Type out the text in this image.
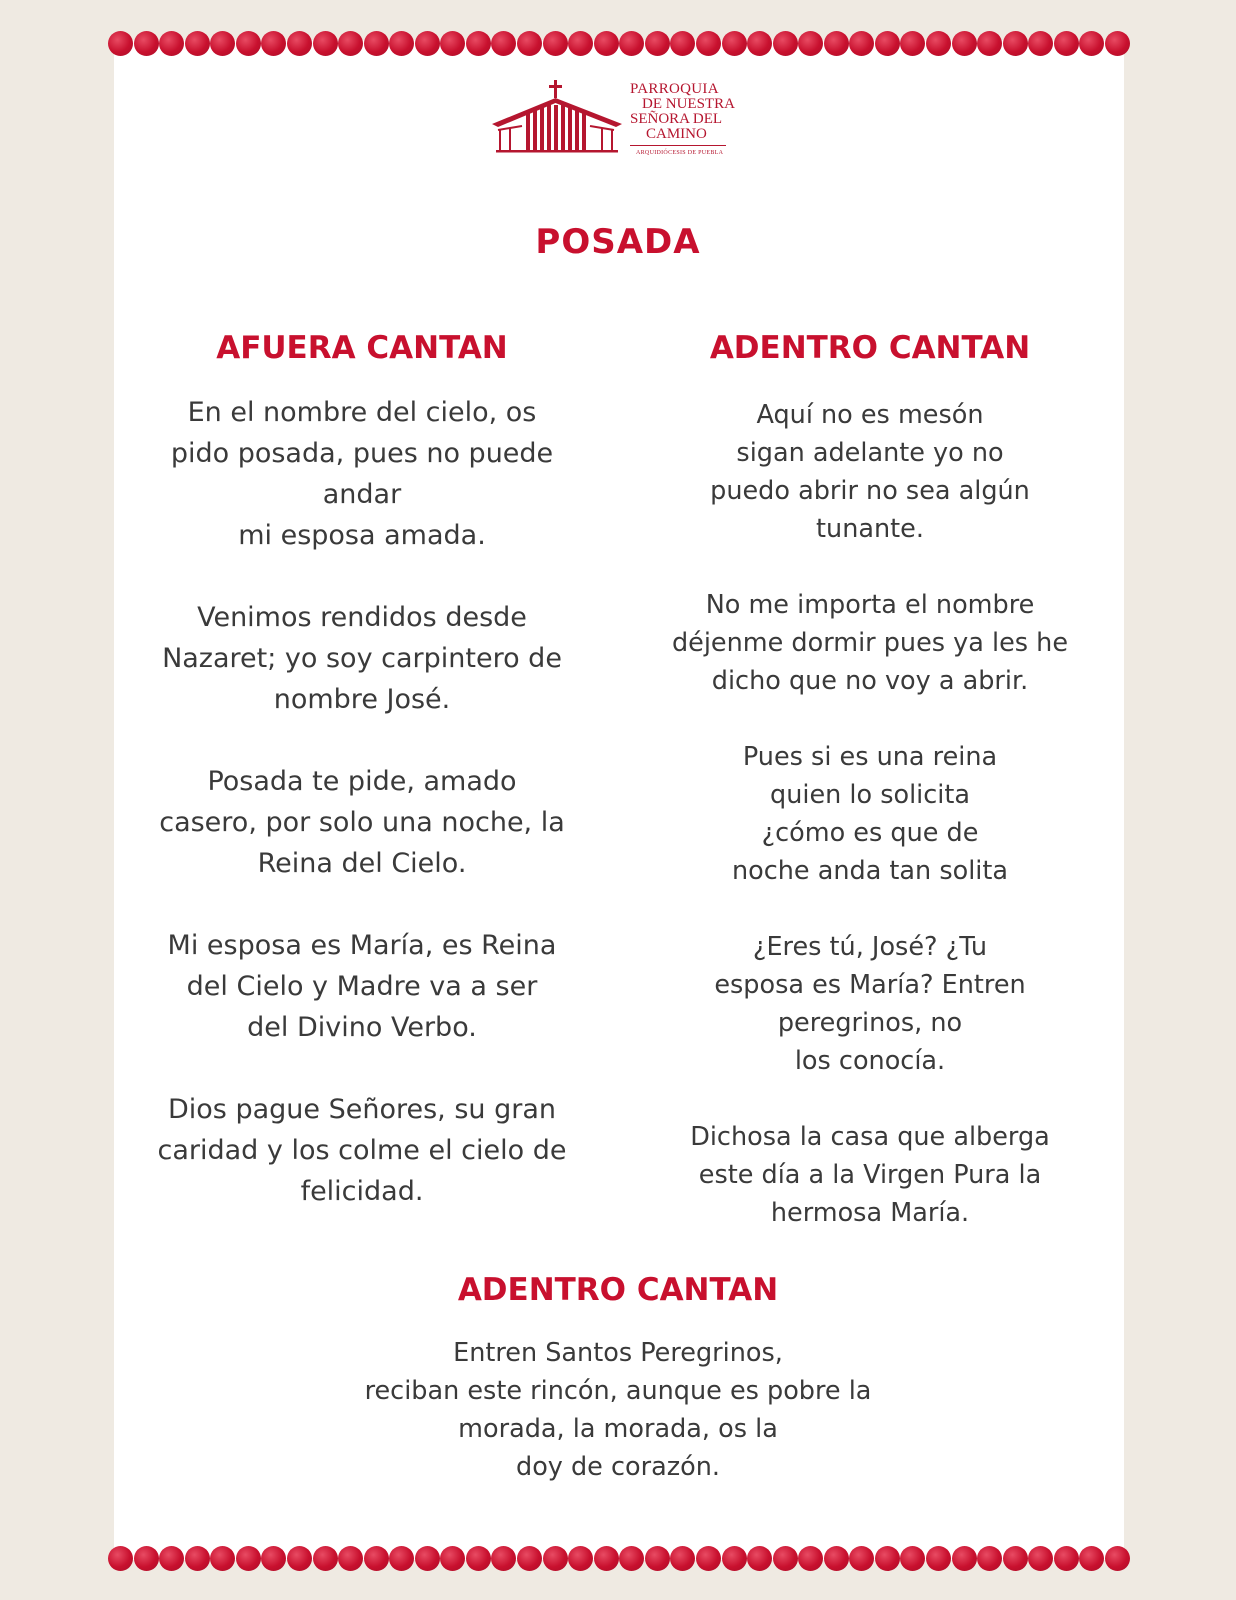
PARROQUIA
DE NUESTRA
SEÑORA DEL
CAMINO
ARQUIDIÓCESIS DE PUEBLA
POSADA
AFUERA CANTAN	ADENTRO CANTAN
En el nombre del cielo, os
pido posada, pues no puede
andar
mi esposa amada.
Venimos rendidos desde
Nazaret; yo soy carpintero de
nombre José.
Posada te pide, amado
casero, por solo una noche, la
Reina del Cielo.
Mi esposa es María, es Reina
del Cielo y Madre va a ser
del Divino Verbo.
Dios pague Señores, su gran
caridad y los colme el cielo de
felicidad.
Aquí no es mesón
sigan adelante yo no
puedo abrir no sea algún
tunante.
No me importa el nombre
déjenme dormir pues ya les he
dicho que no voy a abrir.
Pues si es una reina
quien lo solicita
¿cómo es que de
noche anda tan solita
¿Eres tú, José? ¿Tu
esposa es María? Entren
peregrinos, no
los conocía.
Dichosa la casa que alberga
este día a la Virgen Pura la
hermosa María.
ADENTRO CANTAN
Entren Santos Peregrinos,
reciban este rincón, aunque es pobre la
morada, la morada, os la
doy de corazón.
